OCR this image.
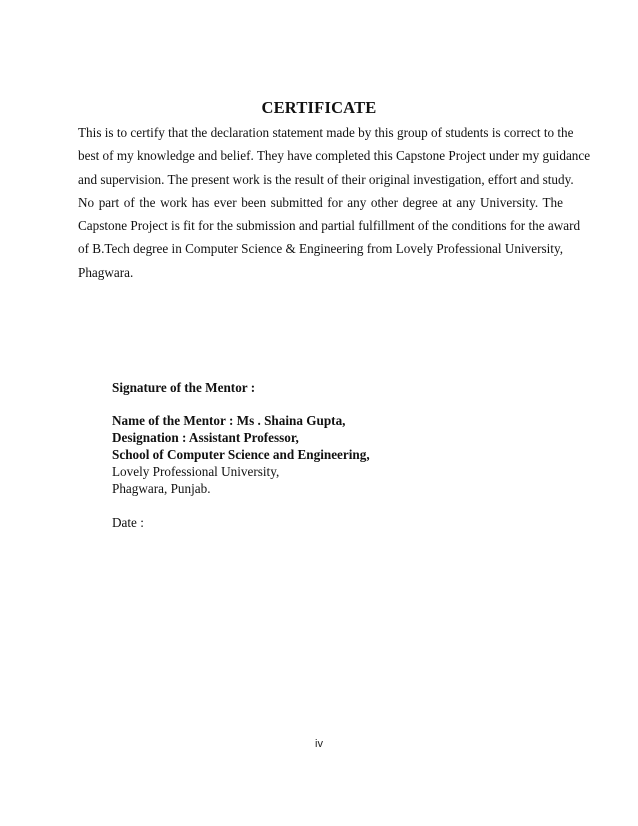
CERTIFICATE
This is to certify that the declaration statement made by this group of students is correct to the
best of my knowledge and belief. They have completed this Capstone Project under my guidance
and supervision. The present work is the result of their original investigation, effort and study.
No part of the work has ever been submitted for any other degree at any University. The
Capstone Project is fit for the submission and partial fulfillment of the conditions for the award
of B.Tech degree in Computer Science & Engineering from Lovely Professional University,
Phagwara.
Signature of the Mentor :
Name of the Mentor : Ms . Shaina Gupta,
Designation : Assistant Professor,
School of Computer Science and Engineering,
Lovely Professional University,
Phagwara, Punjab.
Date :
iv
